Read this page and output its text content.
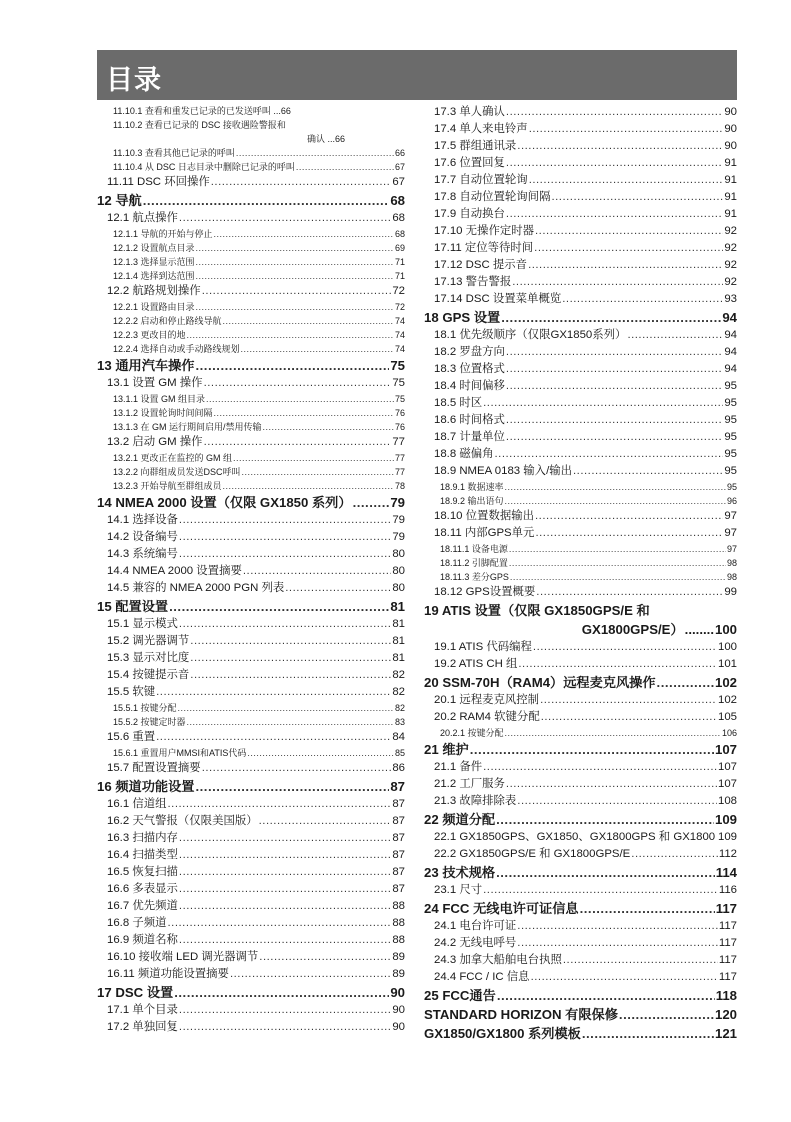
目录
11.10.1 查看和重发已记录的已发送呼叫 ... 66
11.10.2 查看已记录的 DSC 接收遇险警报和
确认 ...66
11.10.3 查看其他已记录的呼叫 .....	66
11.10.4 从 DSC 日志目录中删除已记录的呼叫 .....	67
11.11 DSC 环回操作 .....	67
12 导航 .....	68
12.1 航点操作 .....	68
12.1.1 导航的开始与停止 .....	68
12.1.2 设置航点目录 .....	69
12.1.3 选择显示范围 .....	71
12.1.4 选择到达范围 .....	71
12.2 航路规划操作 .....	72
12.2.1 设置路由目录 .....	72
12.2.2 启动和停止路线导航 .....	74
12.2.3 更改目的地 .....	74
12.2.4 选择自动或手动路线规划 .....	74
13 通用汽车操作 .....	75
13.1 设置 GM 操作 .....	75
13.1.1 设置 GM 组目录 .....	75
13.1.2 设置轮询时间间隔 .....	76
13.1.3 在 GM 运行期间启用/禁用传输 .....	76
13.2 启动 GM 操作 .....	77
13.2.1 更改正在监控的 GM 组 .....	77
13.2.2 向群组成员发送DSC呼叫 .....	77
13.2.3 开始导航至群组成员 .....	78
14 NMEA 2000 设置（仅限 GX1850 系列） .....	79
14.1 选择设备 .....	79
14.2 设备编号 .....	79
14.3 系统编号 .....	80
14.4 NMEA 2000 设置摘要 .....	80
14.5 兼容的 NMEA 2000 PGN 列表 .....	80
15 配置设置 .....	81
15.1 显示模式 .....	81
15.2 调光器调节 .....	81
15.3 显示对比度 .....	81
15.4 按键提示音 .....	82
15.5 软键 .....	82
15.5.1 按键分配 .....	82
15.5.2 按键定时器 .....	83
15.6 重置 .....	84
15.6.1 重置用户MMSI和ATIS代码 .....	85
15.7 配置设置摘要 .....	86
16 频道功能设置 .....	87
16.1 信道组 .....	87
16.2 天气警报（仅限美国版） .....	87
16.3 扫描内存 .....	87
16.4 扫描类型 .....	87
16.5 恢复扫描 .....	87
16.6 多表显示 .....	87
16.7 优先频道 .....	88
16.8 子频道 .....	88
16.9 频道名称 .....	88
16.10 接收端 LED 调光器调节 .....	89
16.11 频道功能设置摘要 .....	89
17 DSC 设置 .....	90
17.1 单个目录 .....	90
17.2 单独回复 .....	90
17.3 单人确认 .....	90
17.4 单人来电铃声 .....	90
17.5 群组通讯录 .....	90
17.6 位置回复 .....	91
17.7 自动位置轮询 .....	91
17.8 自动位置轮询间隔 .....	91
17.9 自动换台 .....	91
17.10 无操作定时器 .....	92
17.11 定位等待时间 .....	92
17.12 DSC 提示音 .....	92
17.13 警告警报 .....	92
17.14 DSC 设置菜单概览 .....	93
18 GPS 设置 .....	94
18.1 优先级顺序（仅限GX1850系列） .....	94
18.2 罗盘方向 .....	94
18.3 位置格式 .....	94
18.4 时间偏移 .....	95
18.5 时区 .....	95
18.6 时间格式 .....	95
18.7 计量单位 .....	95
18.8 磁偏角 .....	95
18.9 NMEA 0183 输入/输出 .....	95
18.9.1 数据速率 .....	95
18.9.2 输出语句 .....	96
18.10 位置数据输出 .....	97
18.11 内部GPS单元 .....	97
18.11.1 设备电源 .....	97
18.11.2 引脚配置 .....	98
18.11.3 差分GPS .....	98
18.12 GPS设置概要 .....	99
19 ATIS 设置（仅限 GX1850GPS/E 和
GX1800GPS/E） ........ 100
19.1 ATIS 代码编程 .....	100
19.2 ATIS CH 组 .....	101
20 SSM-70H（RAM4）远程麦克风操作 .....	102
20.1 远程麦克风控制 .....	102
20.2 RAM4 软键分配 .....	105
20.2.1 按键分配 .....	106
21 维护 .....	107
21.1 备件 .....	107
21.2 工厂服务 .....	107
21.3 故障排除表 .....	108
22 频道分配 .....	109
22.1 GX1850GPS、GX1850、GX1800GPS 和 GX1800 ..... 109
22.2 GX1850GPS/E 和 GX1800GPS/E .....	112
23 技术规格 .....	114
23.1 尺寸 .....	116
24 FCC 无线电许可证信息 .....	117
24.1 电台许可证 .....	117
24.2 无线电呼号 .....	117
24.3 加拿大船舶电台执照 .....	117
24.4 FCC / IC 信息 .....	117
25 FCC通告 .....	118
STANDARD HORIZON 有限保修 .....	120
GX1850/GX1800 系列模板 .....	121
